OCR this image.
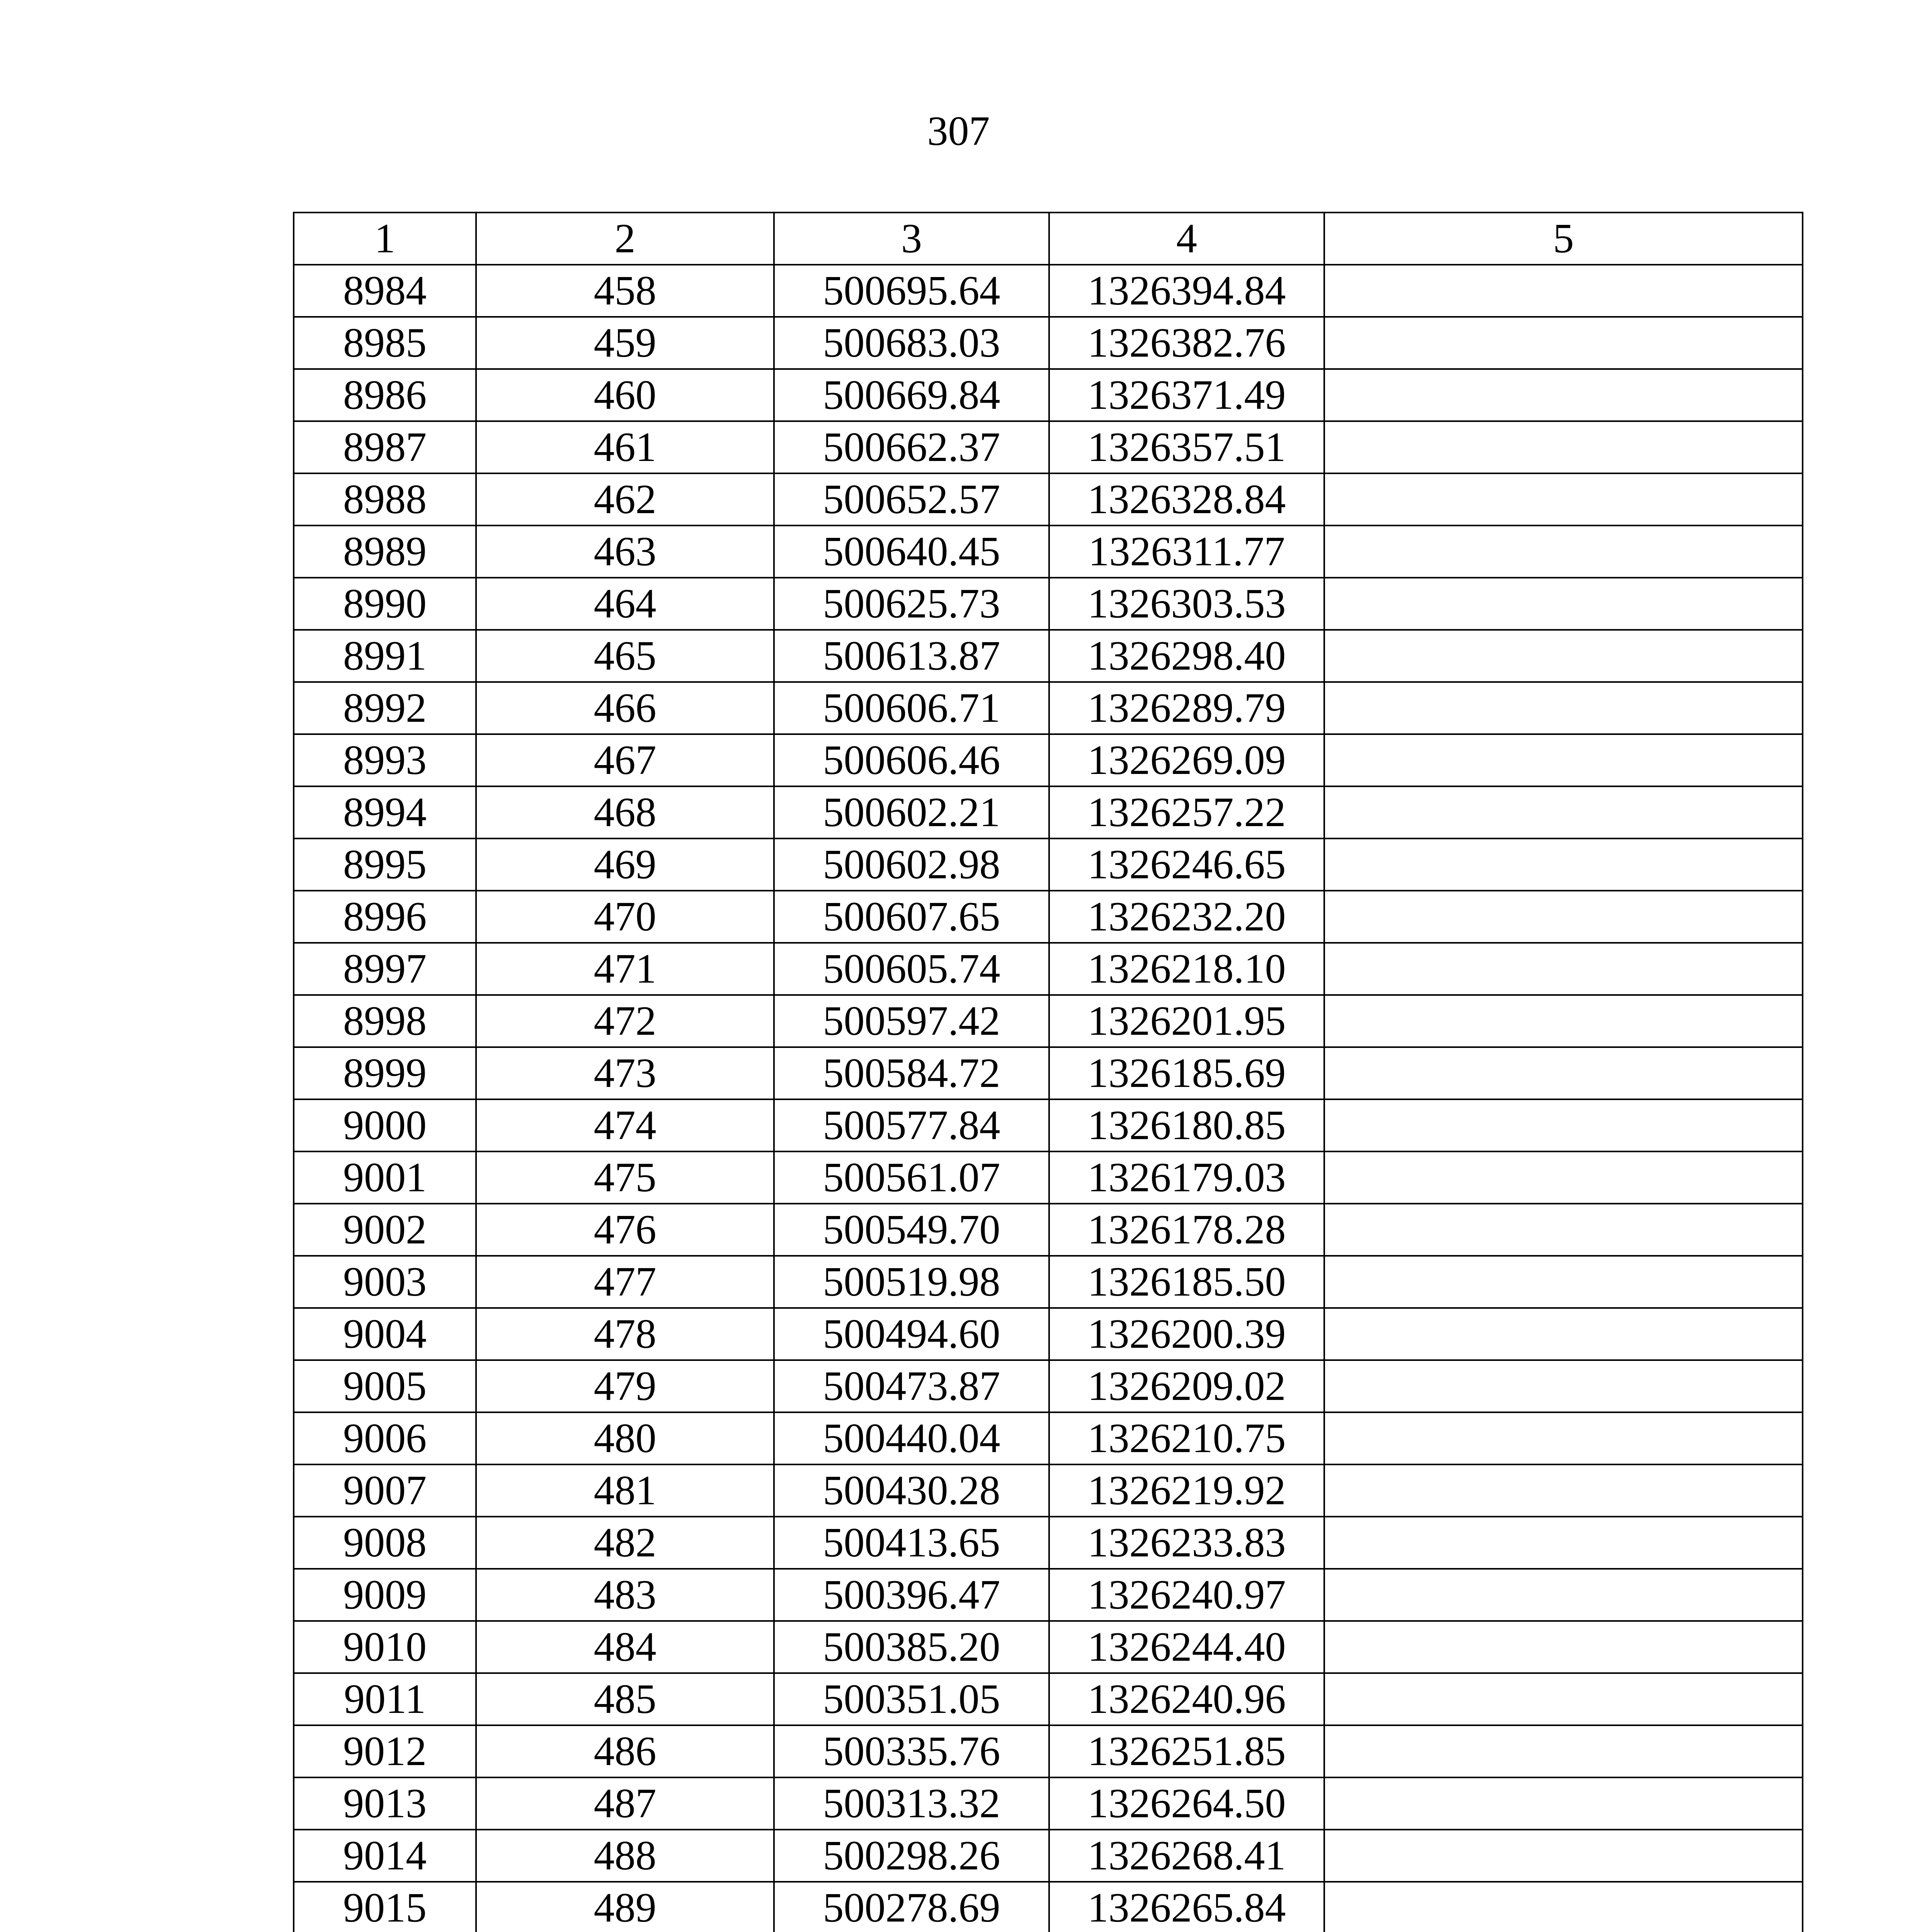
307
1	2	3	4	5
8984	458	500695.64	1326394.84	
8985	459	500683.03	1326382.76	
8986	460	500669.84	1326371.49	
8987	461	500662.37	1326357.51	
8988	462	500652.57	1326328.84	
8989	463	500640.45	1326311.77	
8990	464	500625.73	1326303.53	
8991	465	500613.87	1326298.40	
8992	466	500606.71	1326289.79	
8993	467	500606.46	1326269.09	
8994	468	500602.21	1326257.22	
8995	469	500602.98	1326246.65	
8996	470	500607.65	1326232.20	
8997	471	500605.74	1326218.10	
8998	472	500597.42	1326201.95	
8999	473	500584.72	1326185.69	
9000	474	500577.84	1326180.85	
9001	475	500561.07	1326179.03	
9002	476	500549.70	1326178.28	
9003	477	500519.98	1326185.50	
9004	478	500494.60	1326200.39	
9005	479	500473.87	1326209.02	
9006	480	500440.04	1326210.75	
9007	481	500430.28	1326219.92	
9008	482	500413.65	1326233.83	
9009	483	500396.47	1326240.97	
9010	484	500385.20	1326244.40	
9011	485	500351.05	1326240.96	
9012	486	500335.76	1326251.85	
9013	487	500313.32	1326264.50	
9014	488	500298.26	1326268.41	
9015	489	500278.69	1326265.84	
